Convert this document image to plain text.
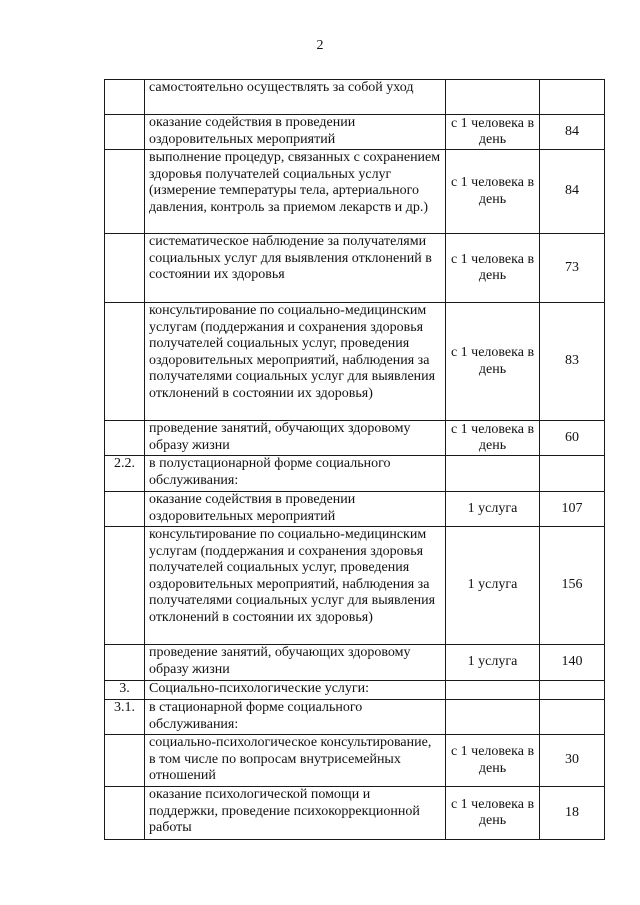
2
	самостоятельно осуществлять за собой уход		
	оказание содействия в проведении оздоровительных мероприятий	с 1 человека в день	84
	выполнение процедур, связанных с сохранением здоровья получателей социальных услуг (измерение температуры тела, артериального давления, контроль за приемом лекарств и др.)	с 1 человека в день	84
	систематическое наблюдение за получателями социальных услуг для выявления отклонений в состоянии их здоровья	с 1 человека в день	73
	консультирование по социально-медицинским услугам (поддержания и сохранения здоровья получателей социальных услуг, проведения оздоровительных мероприятий, наблюдения за получателями социальных услуг для выявления отклонений в состоянии их здоровья)	с 1 человека в день	83
	проведение занятий, обучающих здоровому образу жизни	с 1 человека в день	60
2.2.	в полустационарной форме социального обслуживания:		
	оказание содействия в проведении оздоровительных мероприятий	1 услуга	107
	консультирование по социально-медицинским услугам (поддержания и сохранения здоровья получателей социальных услуг, проведения оздоровительных мероприятий, наблюдения за получателями социальных услуг для выявления отклонений в состоянии их здоровья)	1 услуга	156
	проведение занятий, обучающих здоровому образу жизни	1 услуга	140
3.	Социально-психологические услуги:		
3.1.	в стационарной форме социального обслуживания:		
	социально-психологическое консультирование, в том числе по вопросам внутрисемейных отношений	с 1 человека в день	30
	оказание психологической помощи и поддержки, проведение психокоррекционной работы	с 1 человека в день	18
